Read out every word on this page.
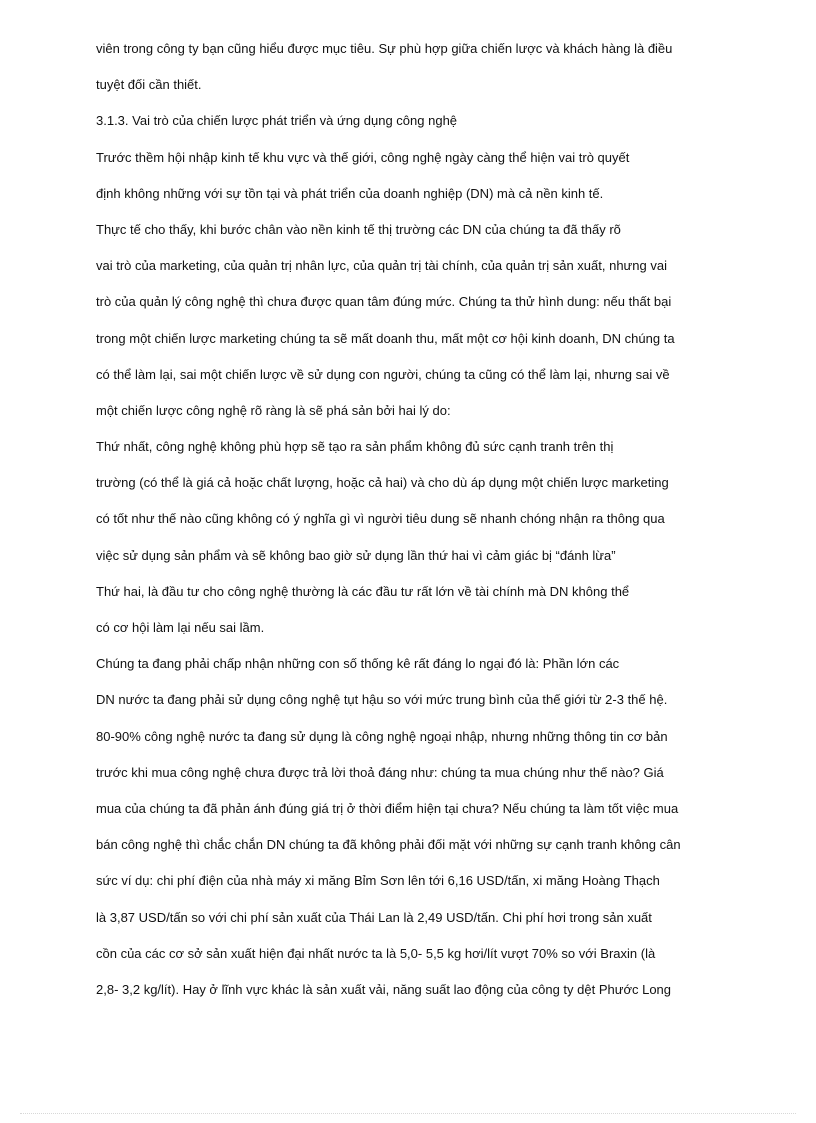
viên trong công ty bạn cũng hiểu được mục tiêu. Sự phù hợp giữa chiến lược và khách hàng là điều
tuyệt đối cần thiết.
3.1.3. Vai trò của chiến lược phát triển và ứng dụng công nghệ
Trước thềm hội nhập kinh tế khu vực và thế giới, công nghệ ngày càng thể hiện vai trò quyết
định không những với sự tồn tại và phát triển của doanh nghiệp (DN) mà cả nền kinh tế.
Thực tế cho thấy, khi bước chân vào nền kinh tế thị trường các DN của chúng ta đã thấy rõ
vai trò của marketing, của quản trị nhân lực, của quản trị tài chính, của quản trị sản xuất, nhưng vai
trò của quản lý công nghệ thì chưa được quan tâm đúng mức. Chúng ta thử hình dung: nếu thất bại
trong một chiến lược marketing chúng ta sẽ mất doanh thu, mất một cơ hội kinh doanh, DN chúng ta
có thể làm lại, sai một chiến lược về sử dụng con người, chúng ta cũng có thể làm lại, nhưng sai về
một chiến lược công nghệ rõ ràng là sẽ phá sản bởi hai lý do:
Thứ nhất, công nghệ không phù hợp sẽ tạo ra sản phẩm không đủ sức cạnh tranh trên thị
trường (có thể là giá cả hoặc chất lượng, hoặc cả hai) và cho dù áp dụng một chiến lược marketing
có tốt như thế nào cũng không có ý nghĩa gì vì người tiêu dung sẽ nhanh chóng nhận ra thông qua
việc sử dụng sản phẩm và sẽ không bao giờ sử dụng lần thứ hai vì cảm giác bị “đánh lừa”
Thứ hai, là đầu tư cho công nghệ thường là các đầu tư rất lớn về tài chính mà DN không thể
có cơ hội làm lại nếu sai lầm.
Chúng ta đang phải chấp nhận những con số thống kê rất đáng lo ngại đó là: Phần lớn các
DN nước ta đang phải sử dụng công nghệ tụt hậu so với mức trung bình của thế giới từ 2-3 thế hệ.
80-90% công nghệ nước ta đang sử dụng là công nghệ ngoại nhập, nhưng những thông tin cơ bản
trước khi mua công nghệ chưa được trả lời thoả đáng như: chúng ta mua chúng như thế nào? Giá
mua của chúng ta đã phản ánh đúng giá trị ở thời điểm hiện tại chưa? Nếu chúng ta làm tốt việc mua
bán công nghệ thì chắc chắn DN chúng ta đã không phải đối mặt với những sự cạnh tranh không cân
sức ví dụ: chi phí điện của nhà máy xi măng Bỉm Sơn lên tới 6,16 USD/tấn, xi măng Hoàng Thạch
là 3,87 USD/tấn so với chi phí sản xuất của Thái Lan là 2,49 USD/tấn. Chi phí hơi trong sản xuất
cồn của các cơ sở sản xuất hiện đại nhất nước ta là 5,0- 5,5 kg hơi/lít vượt 70% so với Braxin (là
2,8- 3,2 kg/lít). Hay ở lĩnh vực khác là sản xuất vải, năng suất lao động của công ty dệt Phước Long
